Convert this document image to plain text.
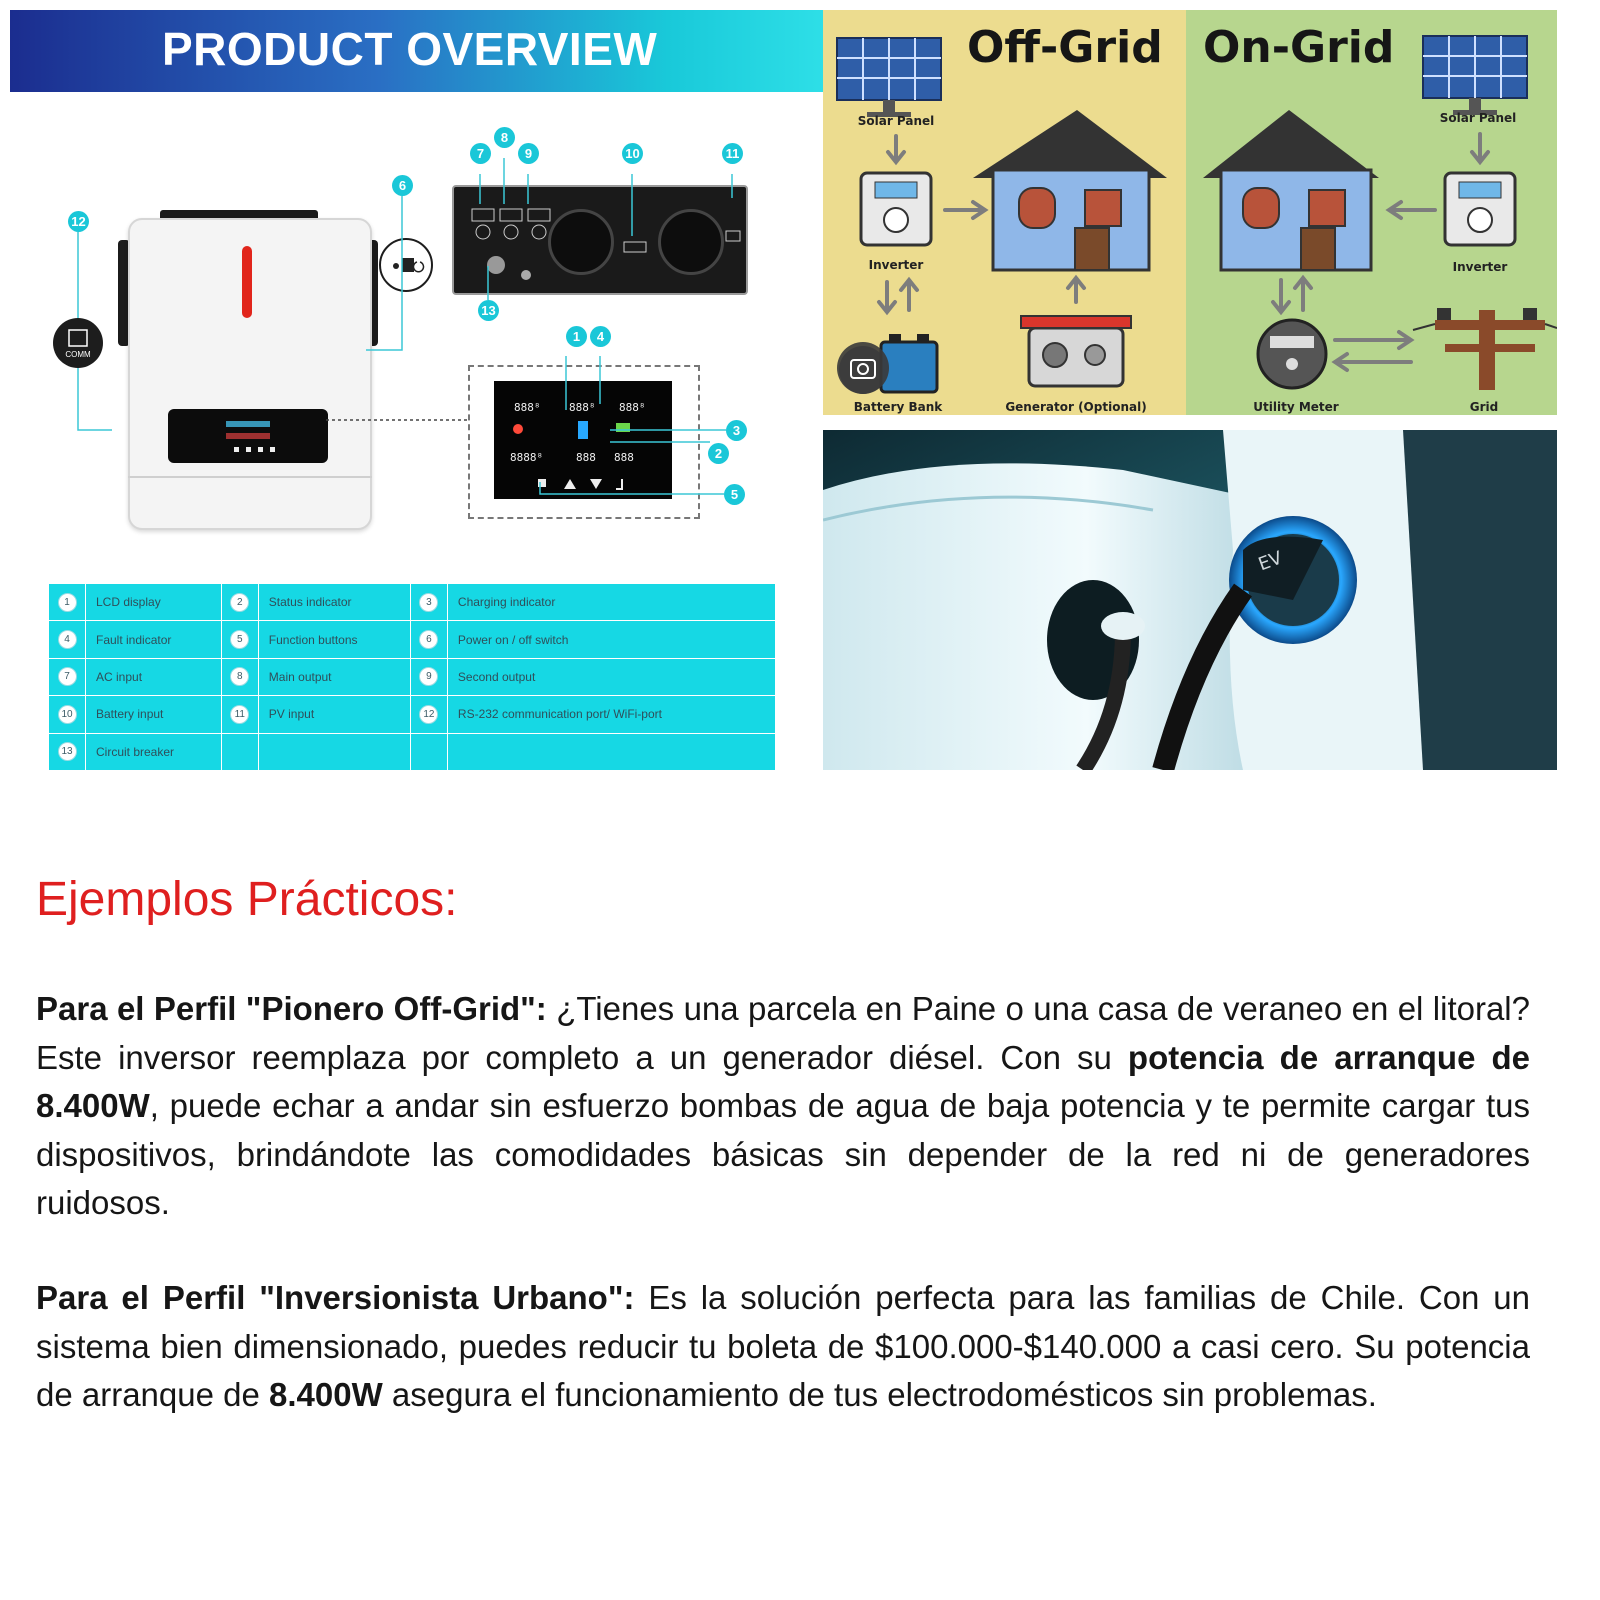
PRODUCT OVERVIEW
COMM
888⁸	888⁸ 888⁸
8888⁸	888 888
1
2
3
4
5
6
7
8
9	10	11
12
13
1	LCD display	2	Status indicator	3	Charging indicator
4	Fault indicator	5	Function buttons	6	Power on / off switch
7	AC input	8	Main output	9	Second output
10	Battery input	11	PV input	12	RS-232 communication port/ WiFi-port
13	Circuit breaker				
Off-Grid On-Grid
Solar Panel
Inverter
Battery Bank	Generator (Optional)
Solar Panel
Inverter
Utility Meter	Grid
EV
Ejemplos Prácticos:

Para el Perfil "Pionero Off-Grid": ¿Tienes una parcela en Paine o una casa de veraneo en el litoral? Este inversor reemplaza por completo a un generador diésel. Con su potencia de arranque de 8.400W, puede echar a andar sin esfuerzo bombas de agua de baja potencia y te permite cargar tus dispositivos, brindándote las comodidades básicas sin depender de la red ni de generadores ruidosos.

Para el Perfil "Inversionista Urbano": Es la solución perfecta para las familias de Chile. Con un sistema bien dimensionado, puedes reducir tu boleta de $100.000-$140.000 a casi cero. Su potencia de arranque de 8.400W asegura el funcionamiento de tus electrodomésticos sin problemas.
